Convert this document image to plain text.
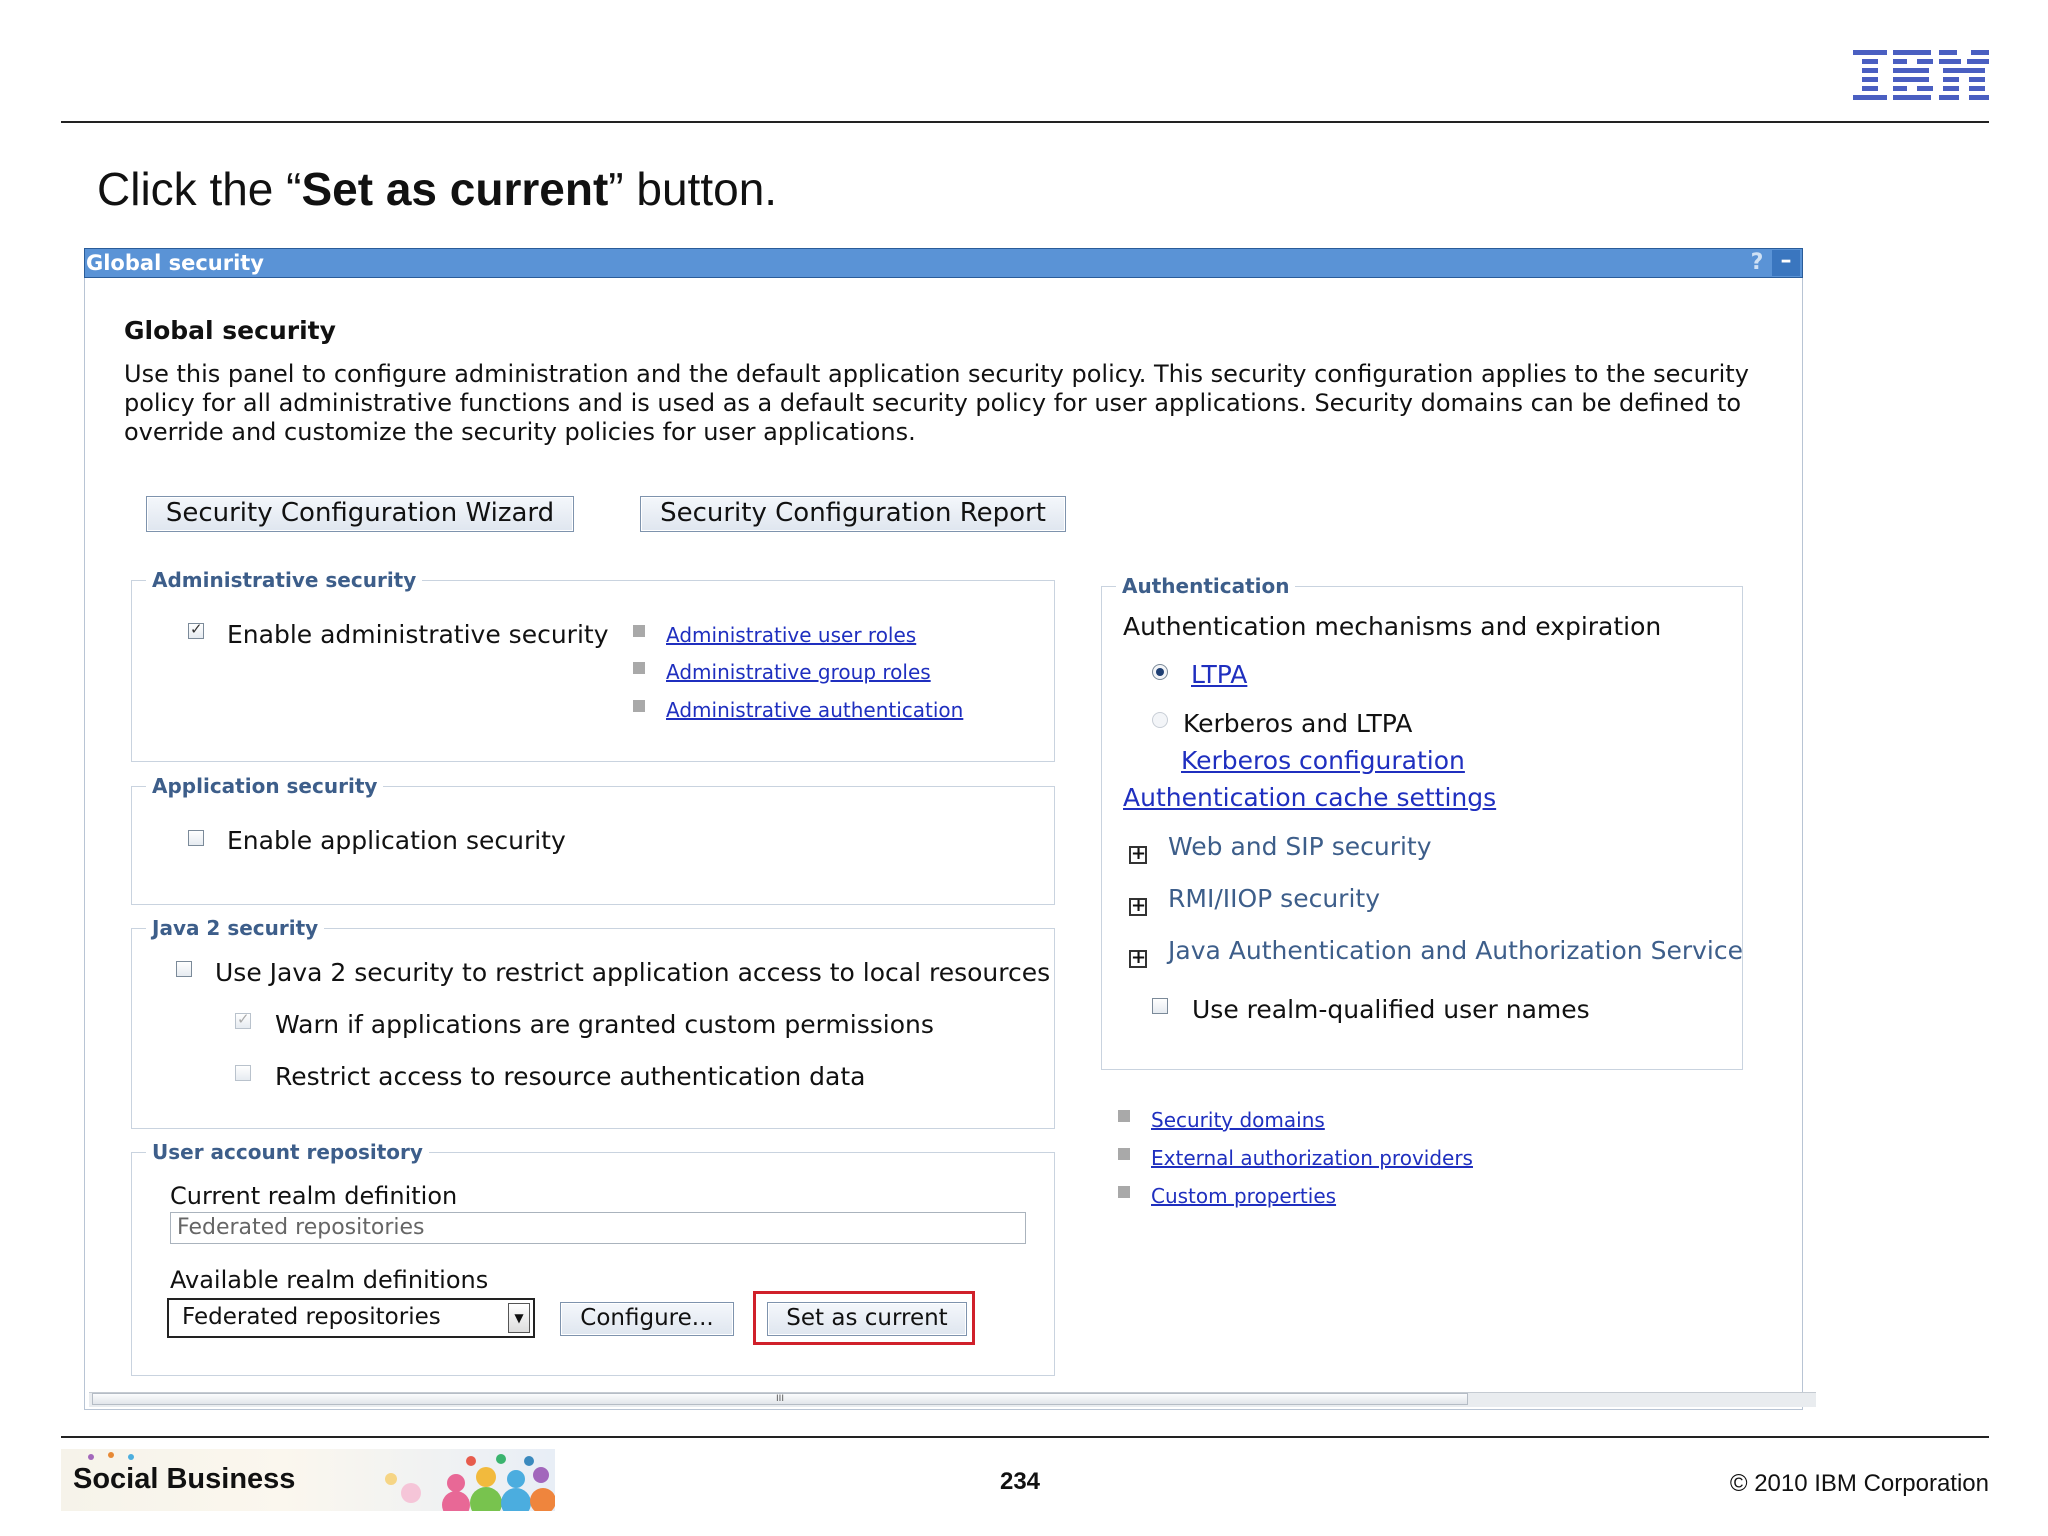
Click the “Set as current” button.
Global security	? –
Global security
Use this panel to configure administration and the default application security policy. This security configuration applies to the security policy for all administrative functions and is used as a default security policy for user applications. Security domains can be defined to override and customize the security policies for user applications.
Security Configuration Wizard	Security Configuration Report
Administrative security
✓
Enable administrative security	Administrative user roles
Administrative group roles
Administrative authentication
Application security
Enable application security
Java 2 security
Use Java 2 security to restrict application access to local resources
✓
Warn if applications are granted custom permissions
Restrict access to resource authentication data
User account repository
Current realm definition
Federated repositories
Available realm definitions
Federated repositories	▼	Configure...	Set as current
Authentication
Authentication mechanisms and expiration
LTPA
Kerberos and LTPA
Kerberos configuration
Authentication cache settings
+ Web and SIP security
+ RMI/IIOP security
+ Java Authentication and Authorization Service
Use realm-qualified user names
Security domains
External authorization providers
Custom properties
III
Social Business	234	© 2010 IBM Corporation
